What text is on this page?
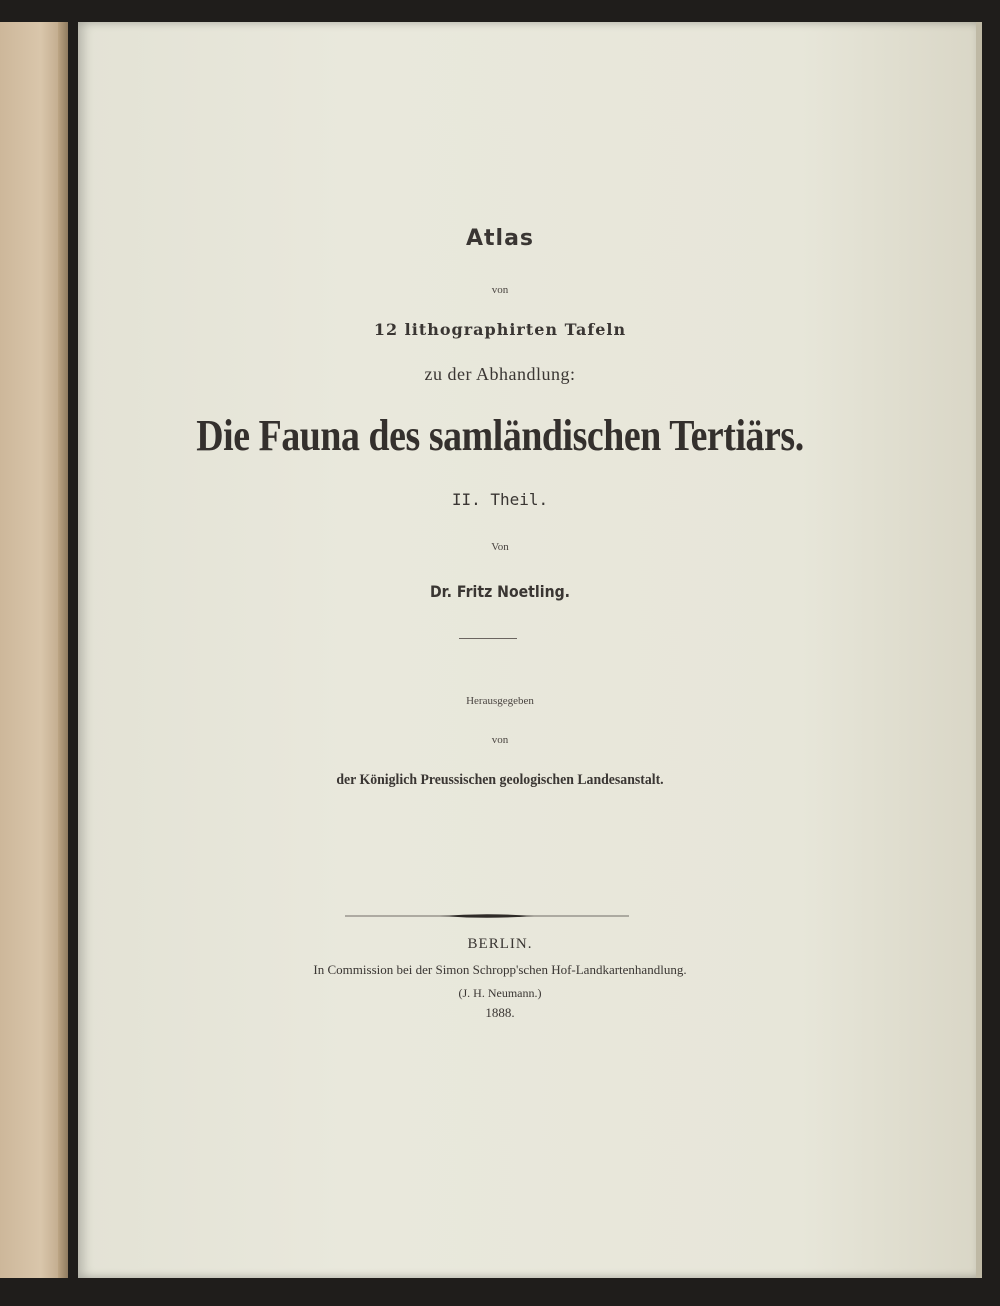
Atlas

von

12 lithographirten Tafeln

zu der Abhandlung:

Die Fauna des samländischen Tertiärs.

II. Theil.

Von

Dr. Fritz Noetling.

Herausgegeben

von

der Königlich Preussischen geologischen Landesanstalt.

BERLIN.

In Commission bei der Simon Schropp'schen Hof-Landkartenhandlung.

(J. H. Neumann.)

1888.
